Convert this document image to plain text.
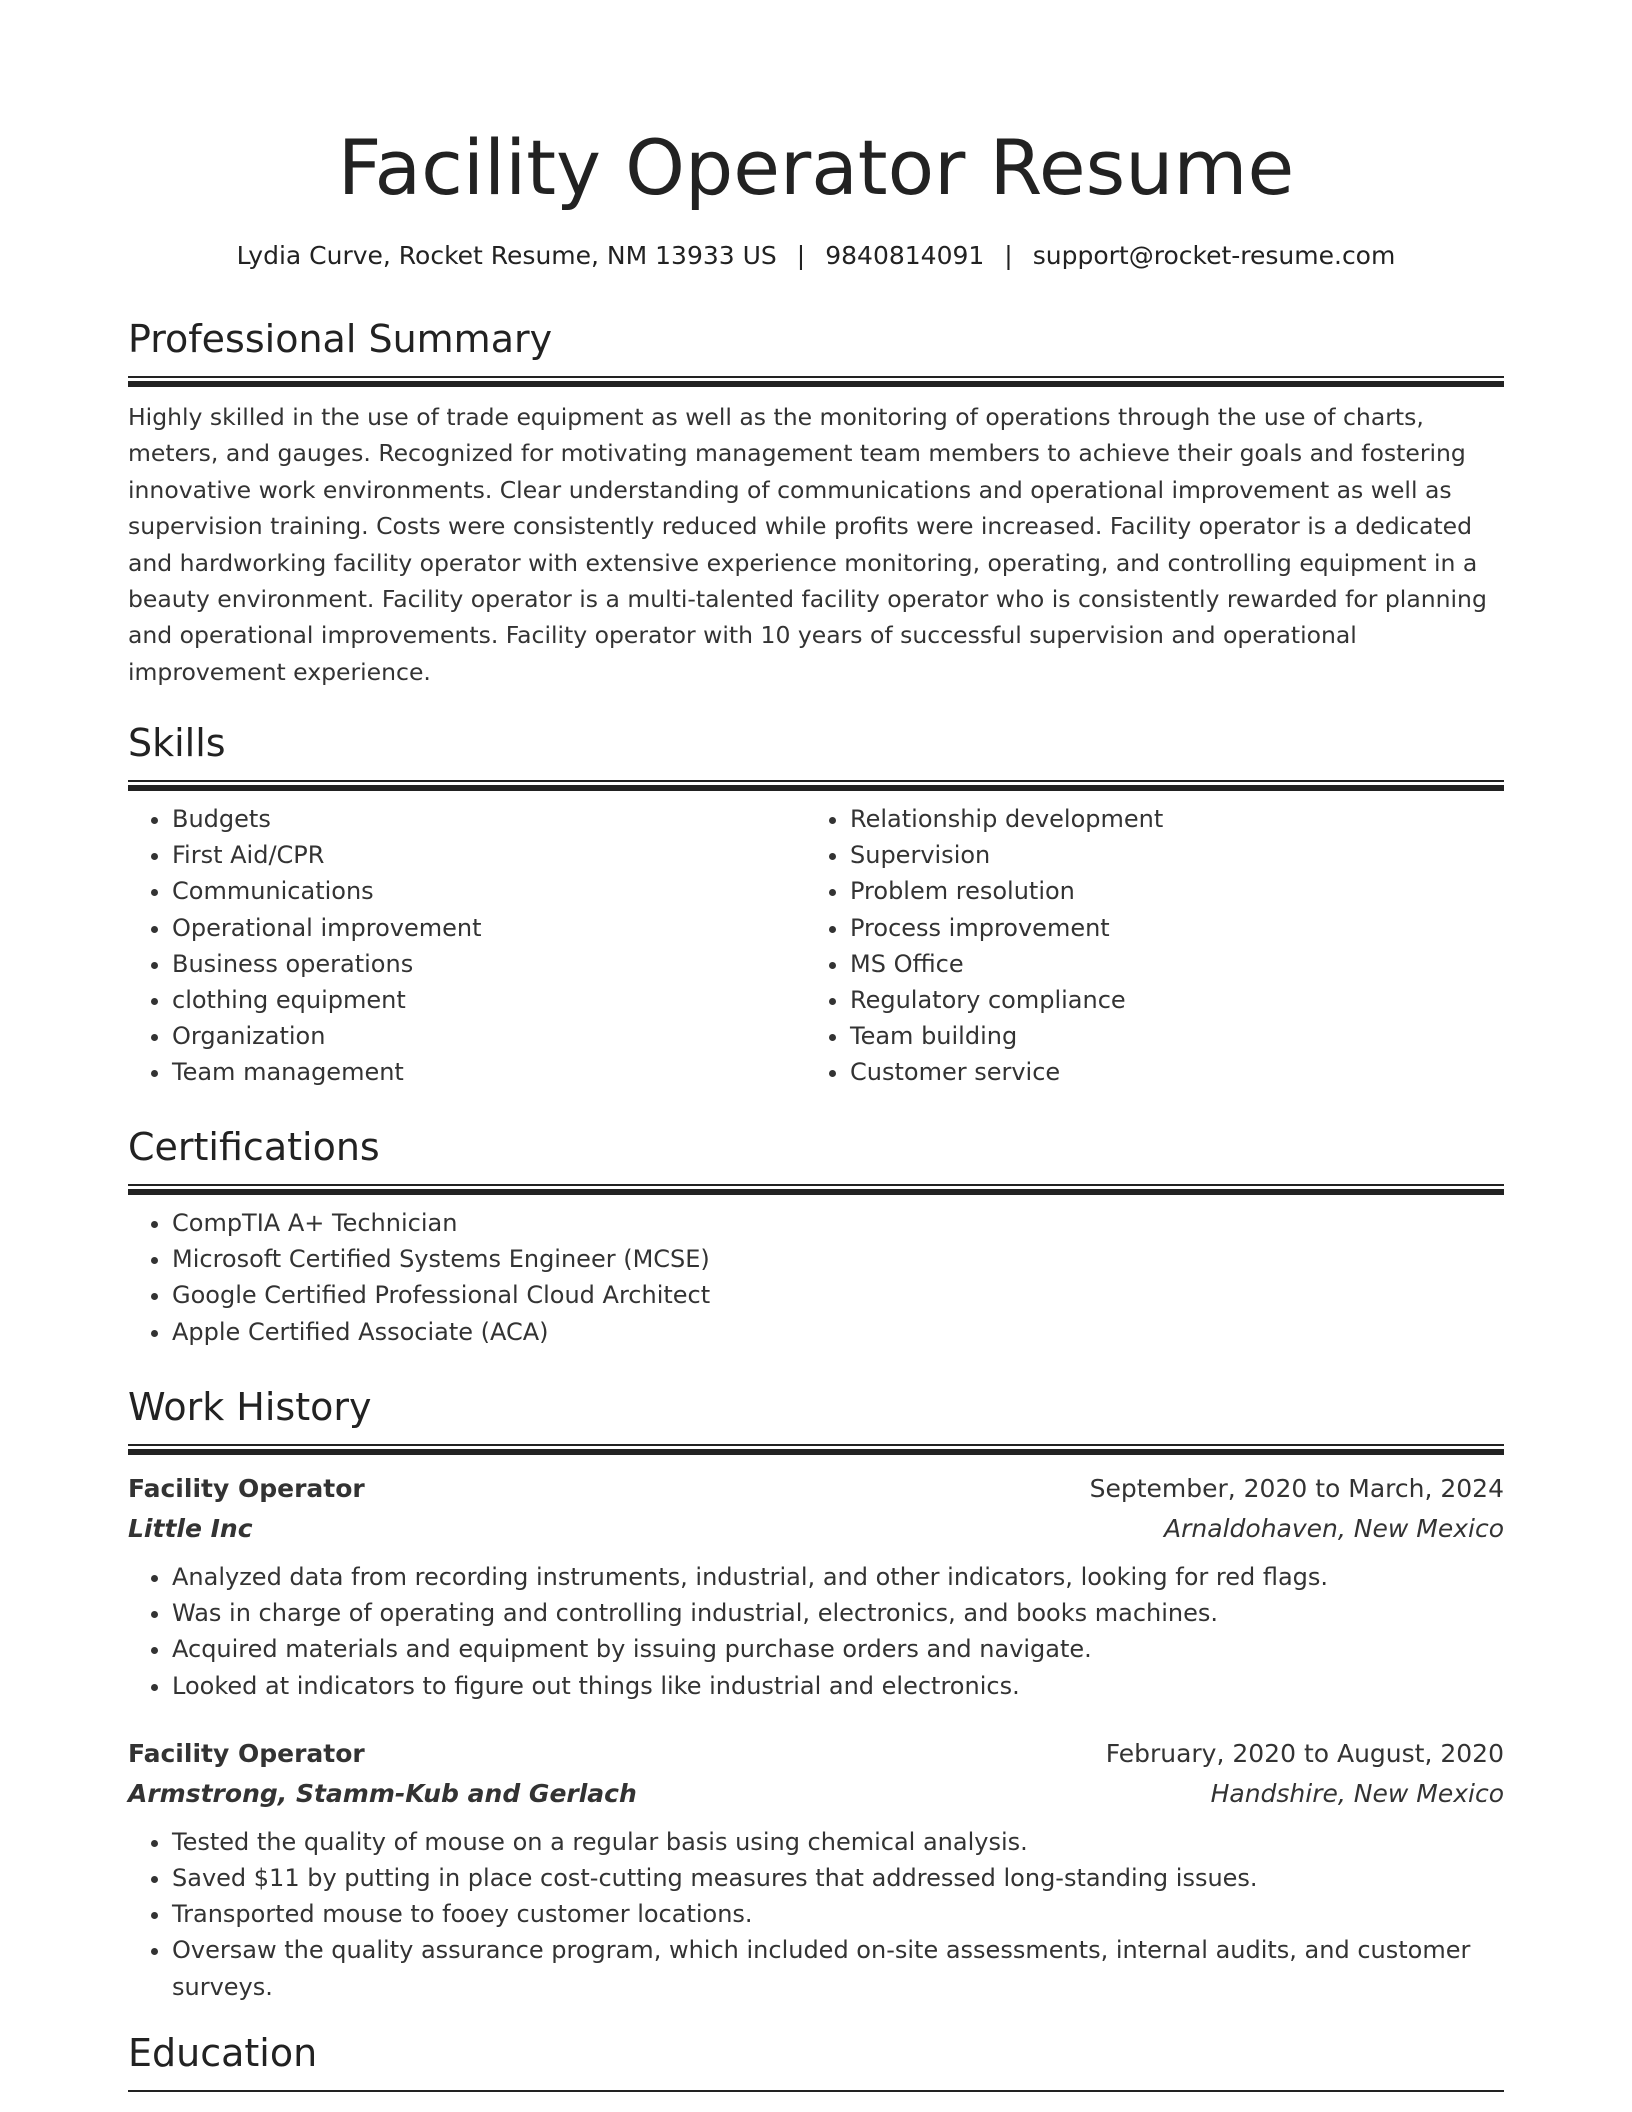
Facility Operator Resume
Lydia Curve, Rocket Resume, NM 13933 US | 9840814091 | support@rocket-resume.com
Professional Summary
Highly skilled in the use of trade equipment as well as the monitoring of operations through the use of charts, meters, and gauges. Recognized for motivating management team members to achieve their goals and fostering innovative work environments. Clear understanding of communications and operational improvement as well as supervision training. Costs were consistently reduced while profits were increased. Facility operator is a dedicated and hardworking facility operator with extensive experience monitoring, operating, and controlling equipment in a beauty environment. Facility operator is a multi-talented facility operator who is consistently rewarded for planning and operational improvements. Facility operator with 10 years of successful supervision and operational improvement experience.
Skills
• Budgets
• First Aid/CPR
• Communications
• Operational improvement
• Business operations
• clothing equipment
• Organization
• Team management
• Relationship development
• Supervision
• Problem resolution
• Process improvement
• MS Office
• Regulatory compliance
• Team building
• Customer service
Certifications
• CompTIA A+ Technician
• Microsoft Certified Systems Engineer (MCSE)
• Google Certified Professional Cloud Architect
• Apple Certified Associate (ACA)
Work History
Facility Operator	September, 2020 to March, 2024
Little Inc	Arnaldohaven, New Mexico
• Analyzed data from recording instruments, industrial, and other indicators, looking for red flags.
• Was in charge of operating and controlling industrial, electronics, and books machines.
• Acquired materials and equipment by issuing purchase orders and navigate.
• Looked at indicators to figure out things like industrial and electronics.
Facility Operator	February, 2020 to August, 2020
Armstrong, Stamm-Kub and Gerlach	Handshire, New Mexico
• Tested the quality of mouse on a regular basis using chemical analysis.
• Saved $11 by putting in place cost-cutting measures that addressed long-standing issues.
• Transported mouse to fooey customer locations.
• Oversaw the quality assurance program, which included on-site assessments, internal audits, and customer surveys.
Education
